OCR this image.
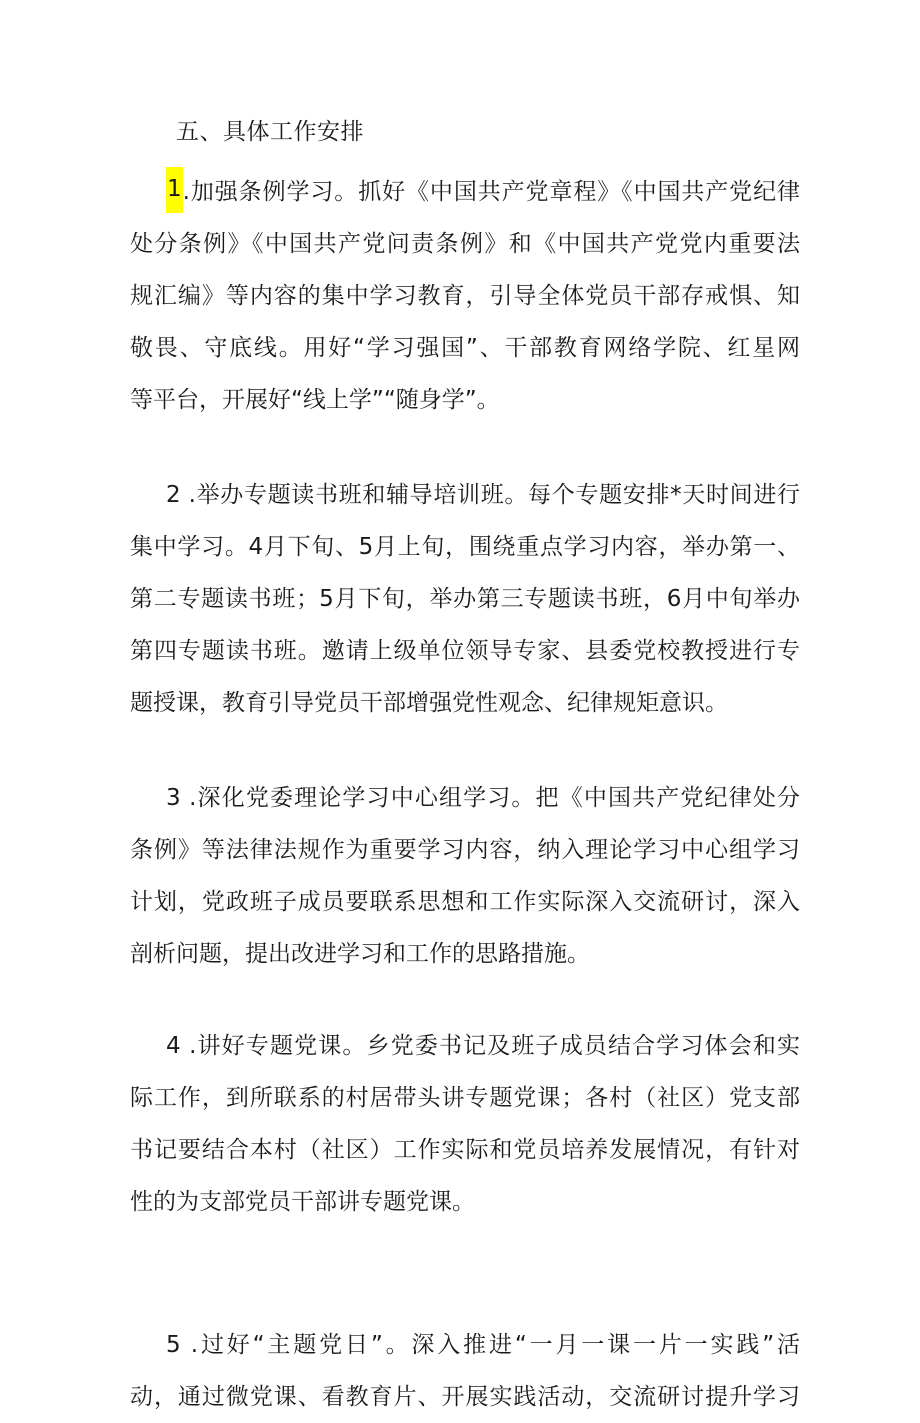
五、具体工作安排
1.加强条例学习。抓好《中国共产党章程》《中国共产党纪律
处分条例》《中国共产党问责条例》和《中国共产党党内重要法
规汇编》等内容的集中学习教育，引导全体党员干部存戒惧、知
敬畏、守底线。用好“学习强国”、干部教育网络学院、红星网
等平台，开展好“线上学”“随身学”。
2 .举办专题读书班和辅导培训班。每个专题安排*天时间进行
集中学习。4月下旬、5月上旬，围绕重点学习内容，举办第一、
第二专题读书班；5月下旬，举办第三专题读书班，6月中旬举办
第四专题读书班。邀请上级单位领导专家、县委党校教授进行专
题授课，教育引导党员干部增强党性观念、纪律规矩意识。
3 .深化党委理论学习中心组学习。把《中国共产党纪律处分
条例》等法律法规作为重要学习内容，纳入理论学习中心组学习
计划，党政班子成员要联系思想和工作实际深入交流研讨，深入
剖析问题，提出改进学习和工作的思路措施。
4 .讲好专题党课。乡党委书记及班子成员结合学习体会和实
际工作，到所联系的村居带头讲专题党课；各村（社区）党支部
书记要结合本村（社区）工作实际和党员培养发展情况，有针对
性的为支部党员干部讲专题党课。
5 .过好“主题党日”。深入推进“一月一课一片一实践”活
动，通过微党课、看教育片、开展实践活动，交流研讨提升学习
